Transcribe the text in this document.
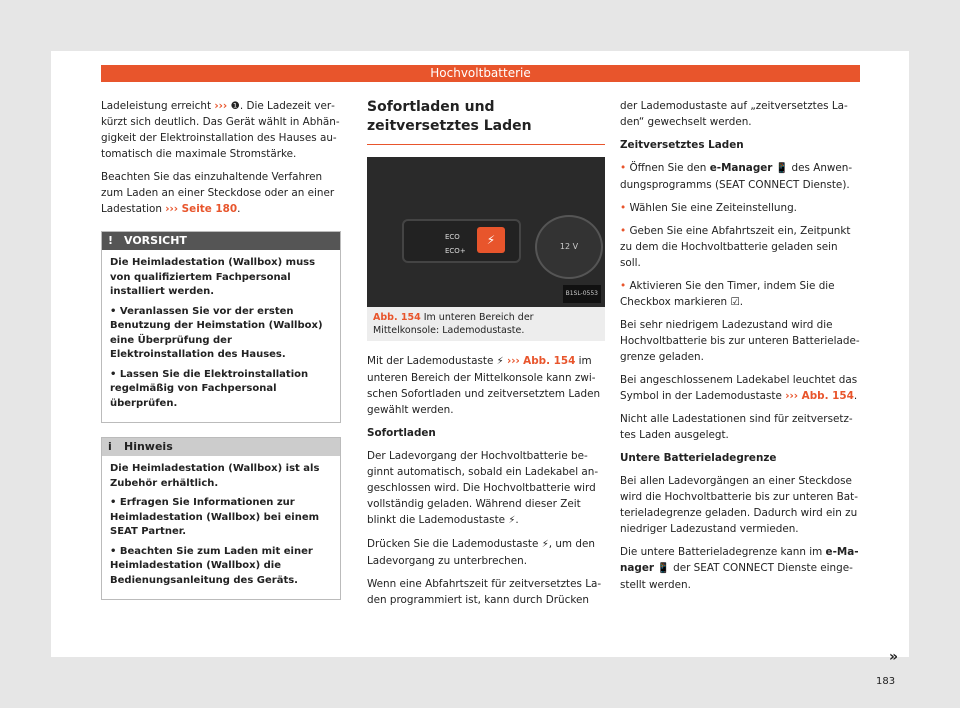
Hochvoltbatterie

Ladeleistung erreicht ››› ❶. Die Ladezeit verkürzt sich deutlich. Das Gerät wählt in Abhängigkeit der Elektroinstallation des Hauses automatisch die maximale Stromstärke.

Beachten Sie das einzuhaltende Verfahren zum Laden an einer Steckdose oder an einer Ladestation ››› Seite 180.

! VORSICHT

Die Heimladestation (Wallbox) muss von qualifiziertem Fachpersonal installiert werden.

• Veranlassen Sie vor der ersten Benutzung der Heimstation (Wallbox) eine Überprüfung der Elektroinstallation des Hauses.

• Lassen Sie die Elektroinstallation regelmäßig von Fachpersonal überprüfen.

i Hinweis

Die Heimladestation (Wallbox) ist als Zubehör erhältlich.

• Erfragen Sie Informationen zur Heimladestation (Wallbox) bei einem SEAT Partner.

• Beachten Sie zum Laden mit einer Heimladestation (Wallbox) die Bedienungsanleitung des Geräts.

Sofortladen und zeitversetztes Laden
ECO
ECO+
⚡	12 V
B1SL-0553
Abb. 154 Im unteren Bereich der Mittelkonsole: Lademodustaste.

Mit der Lademodustaste ⚡ ››› Abb. 154 im unteren Bereich der Mittelkonsole kann zwischen Sofortladen und zeitversetztem Laden gewählt werden.

Sofortladen

Der Ladevorgang der Hochvoltbatterie beginnt automatisch, sobald ein Ladekabel angeschlossen wird. Die Hochvoltbatterie wird vollständig geladen. Während dieser Zeit blinkt die Lademodustaste ⚡.

Drücken Sie die Lademodustaste ⚡, um den Ladevorgang zu unterbrechen.

Wenn eine Abfahrtszeit für zeitversetztes Laden programmiert ist, kann durch Drücken

der Lademodustaste auf „zeitversetztes Laden“ gewechselt werden.

Zeitversetztes Laden

• Öffnen Sie den e-Manager 📱 des Anwendungsprogramms (SEAT CONNECT Dienste).

• Wählen Sie eine Zeiteinstellung.

• Geben Sie eine Abfahrtszeit ein, Zeitpunkt zu dem die Hochvoltbatterie geladen sein soll.

• Aktivieren Sie den Timer, indem Sie die Checkbox markieren ☑.

Bei sehr niedrigem Ladezustand wird die Hochvoltbatterie bis zur unteren Batterieladegrenze geladen.

Bei angeschlossenem Ladekabel leuchtet das Symbol in der Lademodustaste ››› Abb. 154.

Nicht alle Ladestationen sind für zeitversetztes Laden ausgelegt.

Untere Batterieladegrenze

Bei allen Ladevorgängen an einer Steckdose wird die Hochvoltbatterie bis zur unteren Batterieladegrenze geladen. Dadurch wird ein zu niedriger Ladezustand vermieden.

Die untere Batterieladegrenze kann im e-Manager 📱 der SEAT CONNECT Dienste eingestellt werden.

»
183
